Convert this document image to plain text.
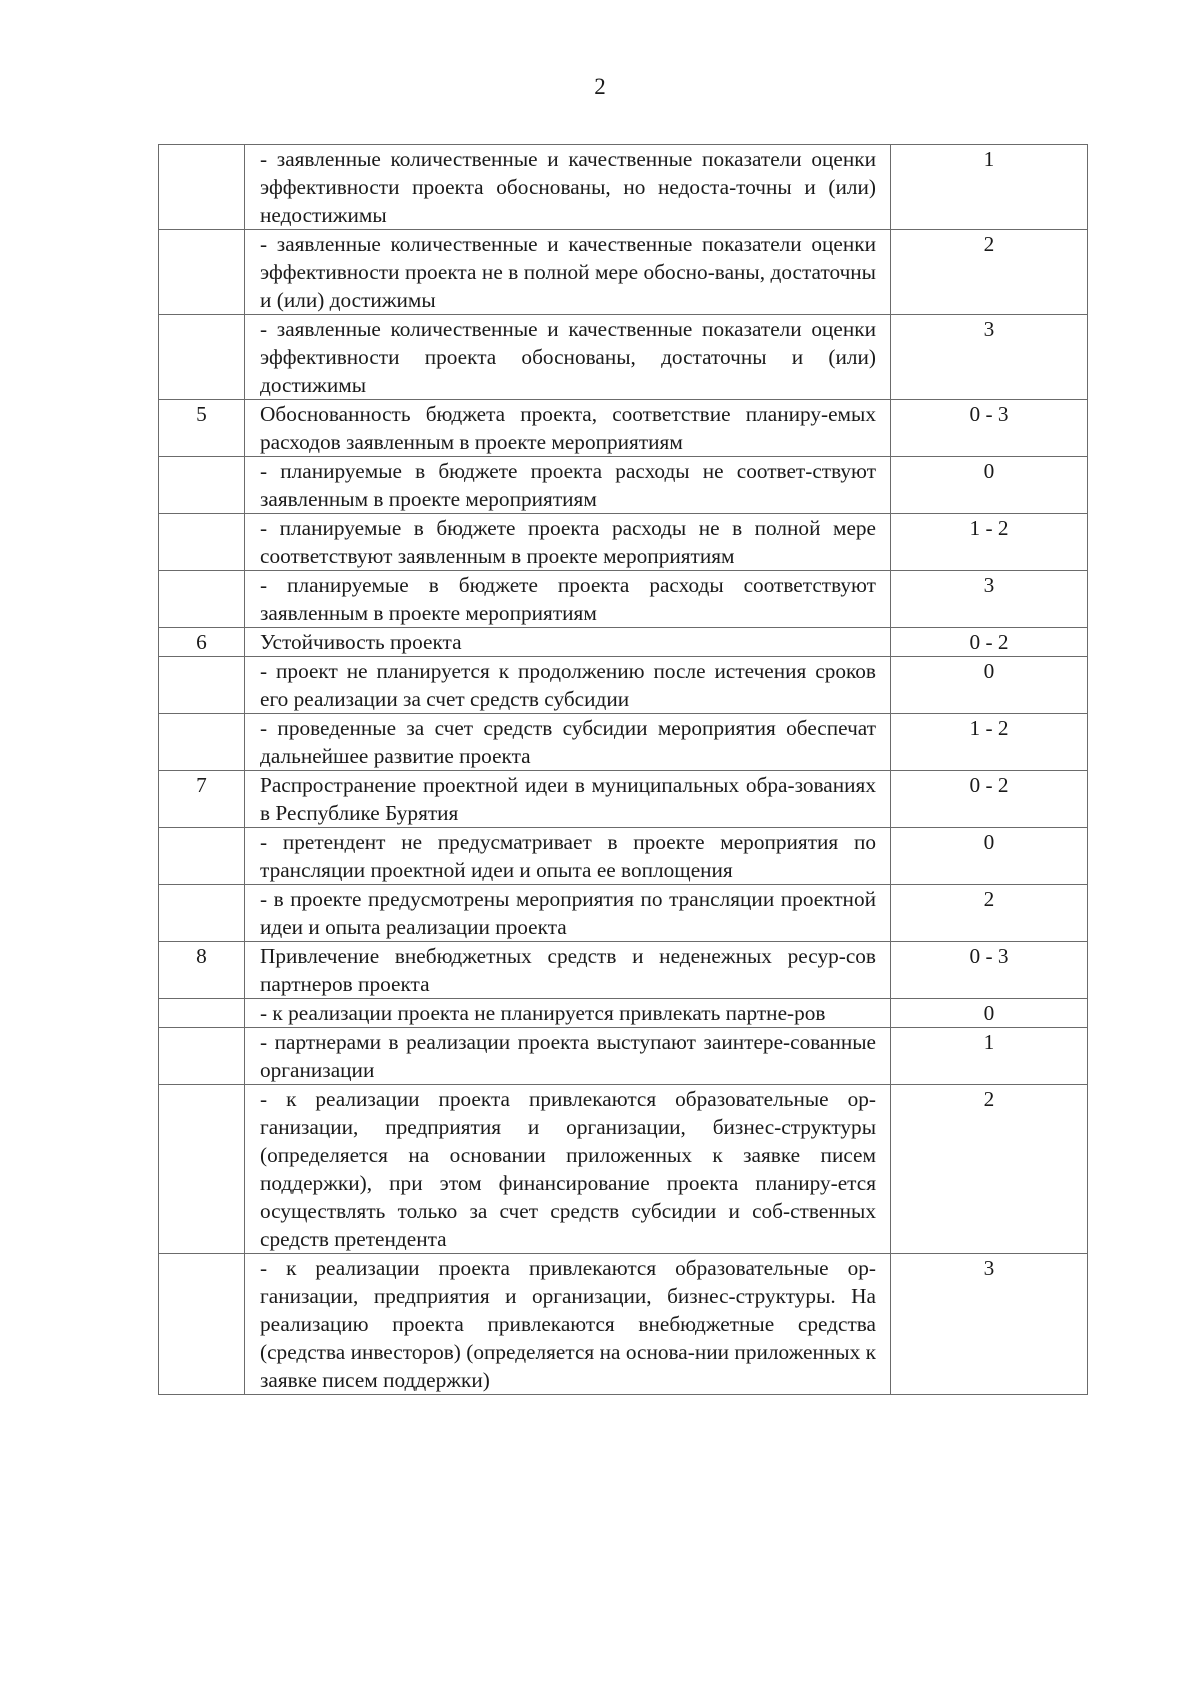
2
	- заявленные количественные и качественные показатели оценки эффективности проекта обоснованы, но недоста-точны и (или) недостижимы	1
	- заявленные количественные и качественные показатели оценки эффективности проекта не в полной мере обосно-ваны, достаточны и (или) достижимы	2
	- заявленные количественные и качественные показатели оценки эффективности проекта обоснованы, достаточны и (или) достижимы	3
5	Обоснованность бюджета проекта, соответствие планиру-емых расходов заявленным в проекте мероприятиям	0 - 3
	- планируемые в бюджете проекта расходы не соответ-ствуют заявленным в проекте мероприятиям	0
	- планируемые в бюджете проекта расходы не в полной мере соответствуют заявленным в проекте мероприятиям	1 - 2
	- планируемые в бюджете проекта расходы соответствуют заявленным в проекте мероприятиям	3
6	Устойчивость проекта	0 - 2
	- проект не планируется к продолжению после истечения сроков его реализации за счет средств субсидии	0
	- проведенные за счет средств субсидии мероприятия обеспечат дальнейшее развитие проекта	1 - 2
7	Распространение проектной идеи в муниципальных обра-зованиях в Республике Бурятия	0 - 2
	- претендент не предусматривает в проекте мероприятия по трансляции проектной идеи и опыта ее воплощения	0
	- в проекте предусмотрены мероприятия по трансляции проектной идеи и опыта реализации проекта	2
8	Привлечение внебюджетных средств и неденежных ресур-сов партнеров проекта	0 - 3
	- к реализации проекта не планируется привлекать партне-ров	0
	- партнерами в реализации проекта выступают заинтере-сованные организации	1
	- к реализации проекта привлекаются образовательные ор-ганизации, предприятия и организации, бизнес-структуры (определяется на основании приложенных к заявке писем поддержки), при этом финансирование проекта планиру-ется осуществлять только за счет средств субсидии и соб-ственных средств претендента	2
	- к реализации проекта привлекаются образовательные ор-ганизации, предприятия и организации, бизнес-структуры. На реализацию проекта привлекаются внебюджетные средства (средства инвесторов) (определяется на основа-нии приложенных к заявке писем поддержки)	3
